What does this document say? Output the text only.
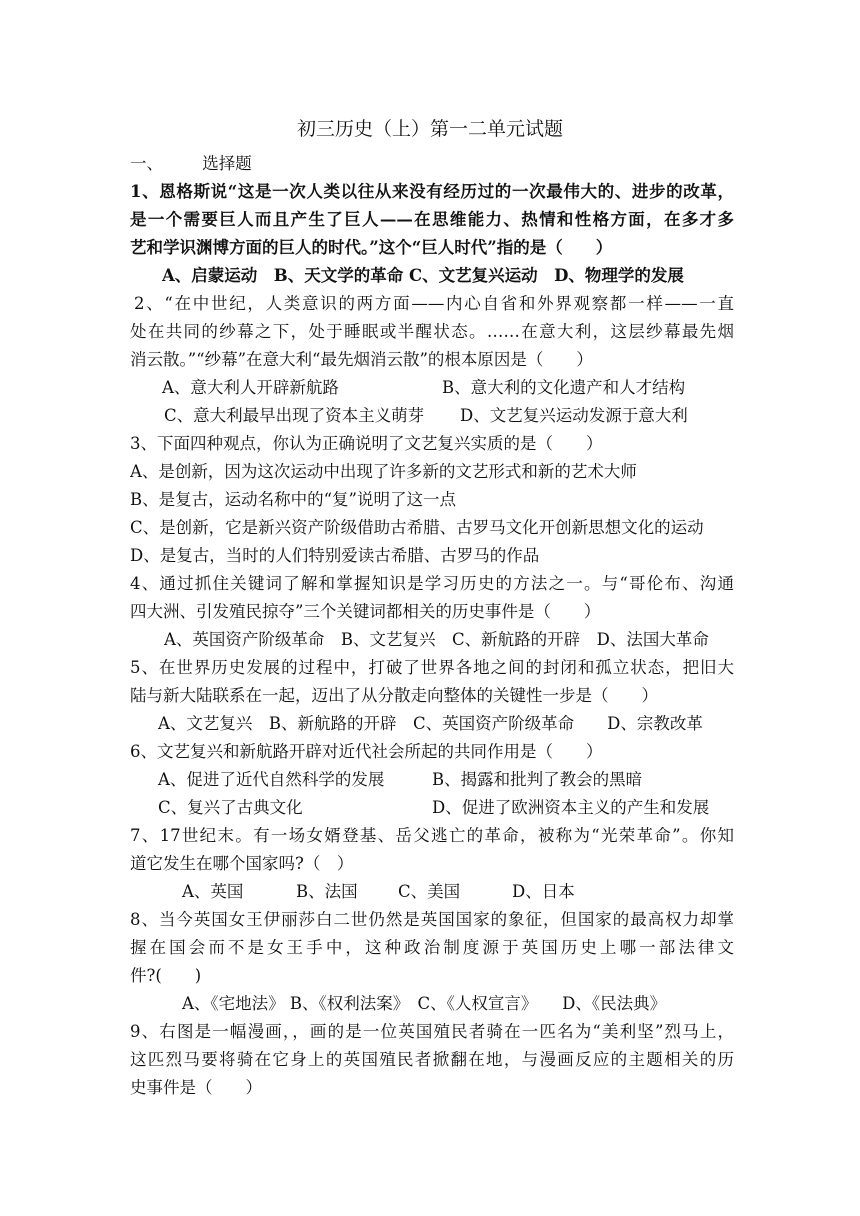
初三历史（上）第一二单元试题
一、 选择题
1、恩格斯说“这是一次人类以往从来没有经历过的一次最伟大的、进步的改革，
是一个需要巨人而且产生了巨人——在思维能力、热情和性格方面，在多才多
艺和学识渊博方面的巨人的时代。”这个“巨人时代”指的是（　　）
A、启蒙运动　B、天文学的革命 C、文艺复兴运动　D、物理学的发展
2、“在中世纪，人类意识的两方面——内心自省和外界观察都一样——一直
处在共同的纱幕之下，处于睡眠或半醒状态。……在意大利，这层纱幕最先烟
消云散。”“纱幕”在意大利“最先烟消云散”的根本原因是（　　）
A、意大利人开辟新航路	B、意大利的文化遗产和人才结构
C、意大利最早出现了资本主义萌芽 D、文艺复兴运动发源于意大利
3、下面四种观点，你认为正确说明了文艺复兴实质的是（　　）
A、是创新，因为这次运动中出现了许多新的文艺形式和新的艺术大师
B、是复古，运动名称中的“复”说明了这一点
C、是创新，它是新兴资产阶级借助古希腊、古罗马文化开创新思想文化的运动
D、是复古，当时的人们特别爱读古希腊、古罗马的作品
4、通过抓住关键词了解和掌握知识是学习历史的方法之一。与“哥伦布、沟通
四大洲、引发殖民掠夺”三个关键词都相关的历史事件是（　　）
A、英国资产阶级革命　B、文艺复兴　C、新航路的开辟　D、法国大革命
5、在世界历史发展的过程中，打破了世界各地之间的封闭和孤立状态，把旧大
陆与新大陆联系在一起，迈出了从分散走向整体的关键性一步是（　　）
A、文艺复兴　B、新航路的开辟　C、英国资产阶级革命　　D、宗教改革
6、文艺复兴和新航路开辟对近代社会所起的共同作用是（　　）
A、促进了近代自然科学的发展	B、揭露和批判了教会的黑暗
C、复兴了古典文化	D、促进了欧洲资本主义的产生和发展
7、17世纪末。有一场女婿登基、岳父逃亡的革命，被称为“光荣革命”。你知
道它发生在哪个国家吗?（　）
A、英国	B、法国 C、美国	D、日本
8、当今英国女王伊丽莎白二世仍然是英国国家的象征，但国家的最高权力却掌
握在国会而不是女王手中，这种政治制度源于英国历史上哪一部法律文
件?(　　)
A、《宅地法》 B、《权利法案》　C、《人权宣言》　　D、《民法典》
9、右图是一幅漫画，，画的是一位英国殖民者骑在一匹名为“美利坚”烈马上，
这匹烈马要将骑在它身上的英国殖民者掀翻在地，与漫画反应的主题相关的历
史事件是（　　）
